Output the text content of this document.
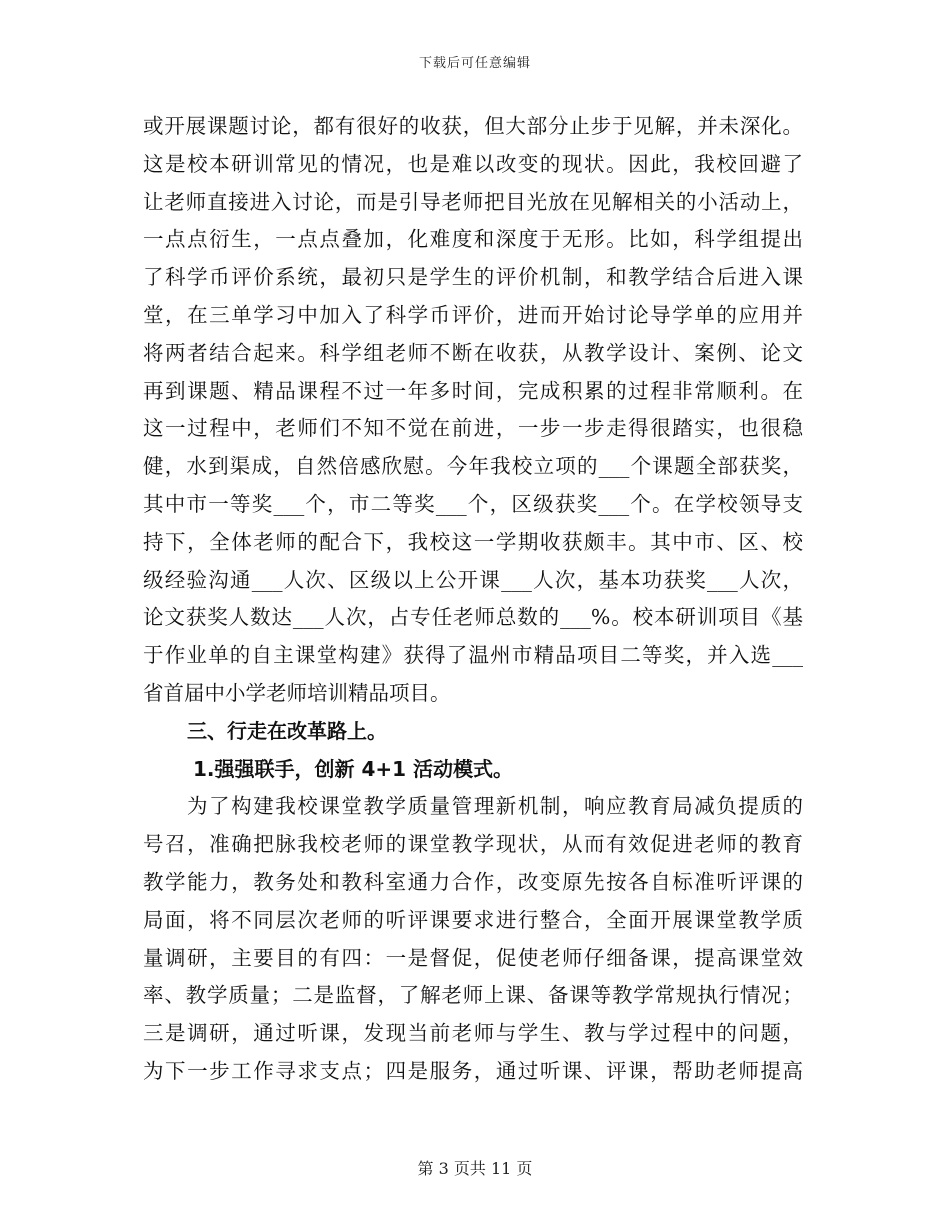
下载后可任意编辑
或开展课题讨论，都有很好的收获，但大部分止步于见解，并未深化。
这是校本研训常见的情况，也是难以改变的现状。因此，我校回避了
让老师直接进入讨论，而是引导老师把目光放在见解相关的小活动上，
一点点衍生，一点点叠加，化难度和深度于无形。比如，科学组提出
了科学币评价系统，最初只是学生的评价机制，和教学结合后进入课
堂，在三单学习中加入了科学币评价，进而开始讨论导学单的应用并
将两者结合起来。科学组老师不断在收获，从教学设计、案例、论文
再到课题、精品课程不过一年多时间，完成积累的过程非常顺利。在
这一过程中，老师们不知不觉在前进，一步一步走得很踏实，也很稳
健，水到渠成，自然倍感欣慰。今年我校立项的___个课题全部获奖，
其中市一等奖___个，市二等奖___个，区级获奖___个。在学校领导支
持下，全体老师的配合下，我校这一学期收获颇丰。其中市、区、校
级经验沟通___人次、区级以上公开课___人次，基本功获奖___人次，
论文获奖人数达___人次，占专任老师总数的___%。校本研训项目《基
于作业单的自主课堂构建》获得了温州市精品项目二等奖，并入选___
省首届中小学老师培训精品项目。
三、行走在改革路上。
1.强强联手，创新 4+1 活动模式。
为了构建我校课堂教学质量管理新机制，响应教育局减负提质的
号召，准确把脉我校老师的课堂教学现状，从而有效促进老师的教育
教学能力，教务处和教科室通力合作，改变原先按各自标准听评课的
局面，将不同层次老师的听评课要求进行整合，全面开展课堂教学质
量调研，主要目的有四：一是督促，促使老师仔细备课，提高课堂效
率、教学质量；二是监督，了解老师上课、备课等教学常规执行情况；
三是调研，通过听课，发现当前老师与学生、教与学过程中的问题，
为下一步工作寻求支点；四是服务，通过听课、评课，帮助老师提高
第 3 页共 11 页
